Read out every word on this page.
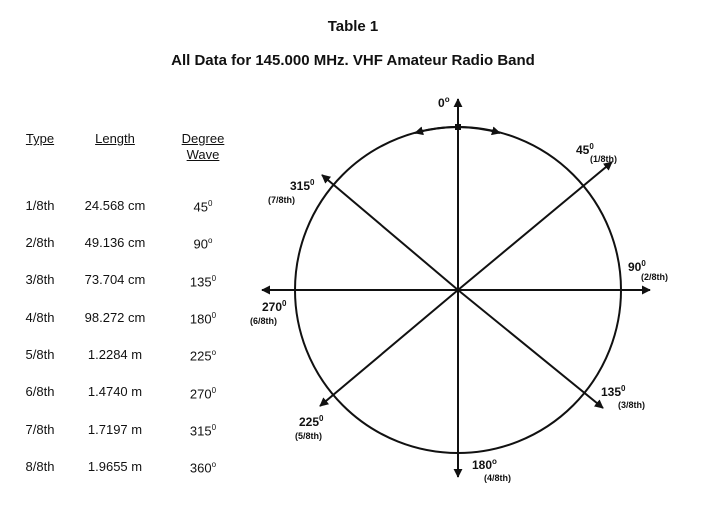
Table 1
All Data for 145.000 MHz. VHF Amateur Radio Band
Type	Length	Degree
Wave
1/8th	24.568 cm	$45^0$
2/8th	49.136 cm	90$^o$
3/8th	73.704 cm	$135^0$
4/8th	98.272 cm	$180^0$
5/8th	1.2284 m	225$^o$
6/8th	1.4740 m	$270^0$
7/8th	1.7197 m	$315^0$
8/8th	1.9655 m	360$^o$
0$^o$
$45^0$
(1/8th)
$90^0$
(2/8th)
$135^0$
(3/8th)
180$^o$
(4/8th)
$225^0$
(5/8th)
$270^0$
(6/8th)
$315^0$
(7/8th)
